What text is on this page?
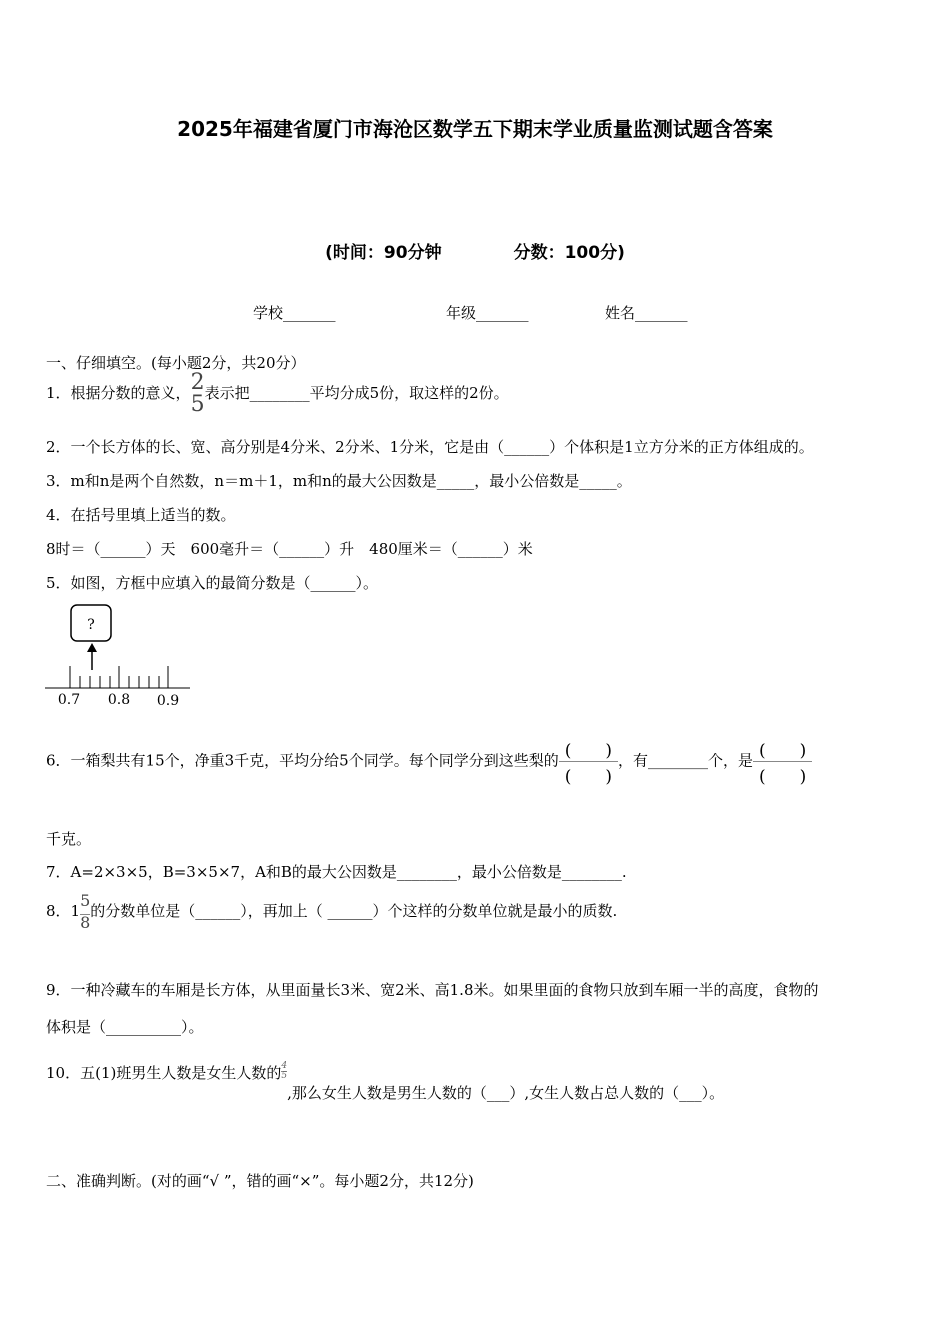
2025年福建省厦门市海沧区数学五下期末学业质量监测试题含答案
(时间：90分钟	分数：100分)
学校_______	年级_______	姓名_______
一、仔细填空。(每小题2分，共20分）
1．根据分数的意义， 2
5 表示把________平均分成5份，取这样的2份。
2．一个长方体的长、宽、高分别是4分米、2分米、1分米，它是由（______）个体积是1立方分米的正方体组成的。
3．m和n是两个自然数，n＝m＋1，m和n的最大公因数是_____，最小公倍数是_____。
4．在括号里填上适当的数。
8时＝（______）天　600毫升＝（______）升　480厘米＝（______）米
5．如图，方框中应填入的最简分数是（______）。
?
0.7 0.8 0.9
6．一箱梨共有15个，净重3千克，平均分给5个同学。每个同学分到这些梨的 (　　)
(　　)
，有________个，是 (　　)
(　　)
千克。
7．A=2×3×5，B=3×5×7，A和B的最大公因数是________，最小公倍数是________.
8．$1 \frac{5}{8}$ 的分数单位是（______），再加上（ ______）个这样的分数单位就是最小的质数.
9．一种冷藏车的车厢是长方体，从里面量长3米、宽2米、高1.8米。如果里面的食物只放到车厢一半的高度，食物的
体积是（__________）。
10．五(1)班男生人数是女生人数的 $\frac{4}{5}$
,那么女生人数是男生人数的（___）,女生人数占总人数的（___）。
二、准确判断。(对的画“√ ”，错的画“×”。每小题2分，共12分)
